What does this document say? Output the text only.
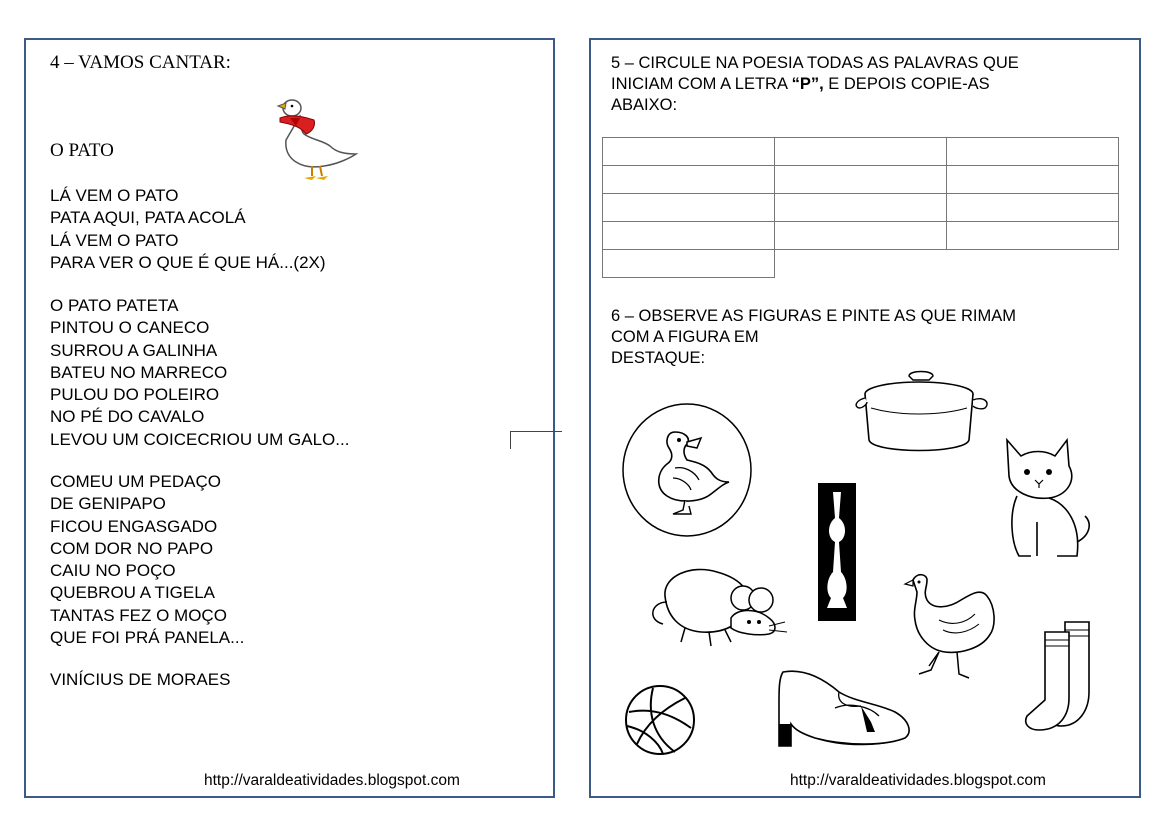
4 – VAMOS CANTAR:
O PATO
LÁ VEM O PATO
PATA AQUI, PATA ACOLÁ
LÁ VEM O PATO
PARA VER O QUE É QUE HÁ...(2X)
O PATO PATETA
PINTOU O CANECO
SURROU A GALINHA
BATEU NO MARRECO
PULOU DO POLEIRO
NO PÉ DO CAVALO
LEVOU UM COICECRIOU UM GALO...
COMEU UM PEDAÇO
DE GENIPAPO
FICOU ENGASGADO
COM DOR NO PAPO
CAIU NO POÇO
QUEBROU A TIGELA
TANTAS FEZ O MOÇO
QUE FOI PRÁ PANELA...
VINÍCIUS DE MORAES
http://varaldeatividades.blogspot.com
5 – CIRCULE NA POESIA TODAS AS PALAVRAS QUE
INICIAM COM A LETRA “P”, E DEPOIS COPIE-AS
ABAIXO:

6 – OBSERVE AS FIGURAS E PINTE AS QUE RIMAM
COM A FIGURA EM
DESTAQUE:
http://varaldeatividades.blogspot.com
